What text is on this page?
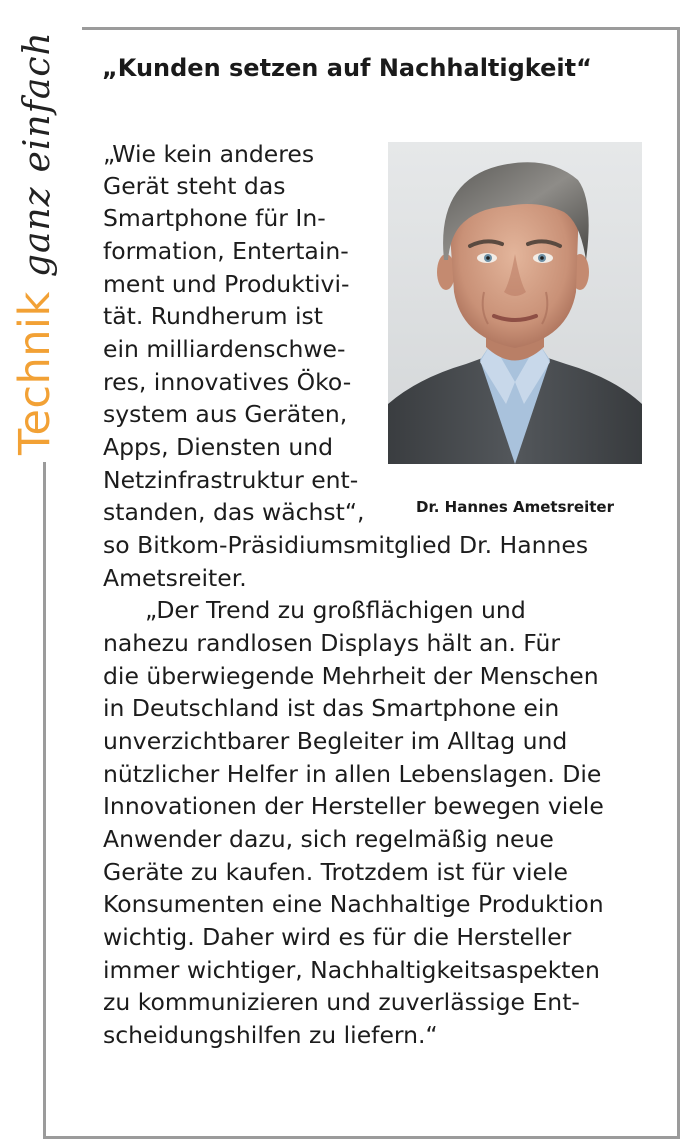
Technik
ganz
einfach „Kunden setzen auf Nachhaltigkeit“
Dr. Hannes Ametsreiter
„Wie kein anderes
Gerät steht das
Smartphone für In-
formation, Entertain-
ment und Produktivi-
tät. Rundherum ist
ein milliardenschwe-
res, innovatives Öko-
system aus Geräten,
Apps, Diensten und
Netzinfrastruktur ent-
standen, das wächst“,
so Bitkom-Präsidiumsmitglied Dr. Hannes
Ametsreiter.
„Der Trend zu großflächigen und
nahezu randlosen Displays hält an. Für
die überwiegende Mehrheit der Menschen
in Deutschland ist das Smartphone ein
unverzichtbarer Begleiter im Alltag und
nützlicher Helfer in allen Lebenslagen. Die
Innovationen der Hersteller bewegen viele
Anwender dazu, sich regelmäßig neue
Geräte zu kaufen. Trotzdem ist für viele
Konsumenten eine Nachhaltige Produktion
wichtig. Daher wird es für die Hersteller
immer wichtiger, Nachhaltigkeitsaspekten
zu kommunizieren und zuverlässige Ent-
scheidungshilfen zu liefern.“
